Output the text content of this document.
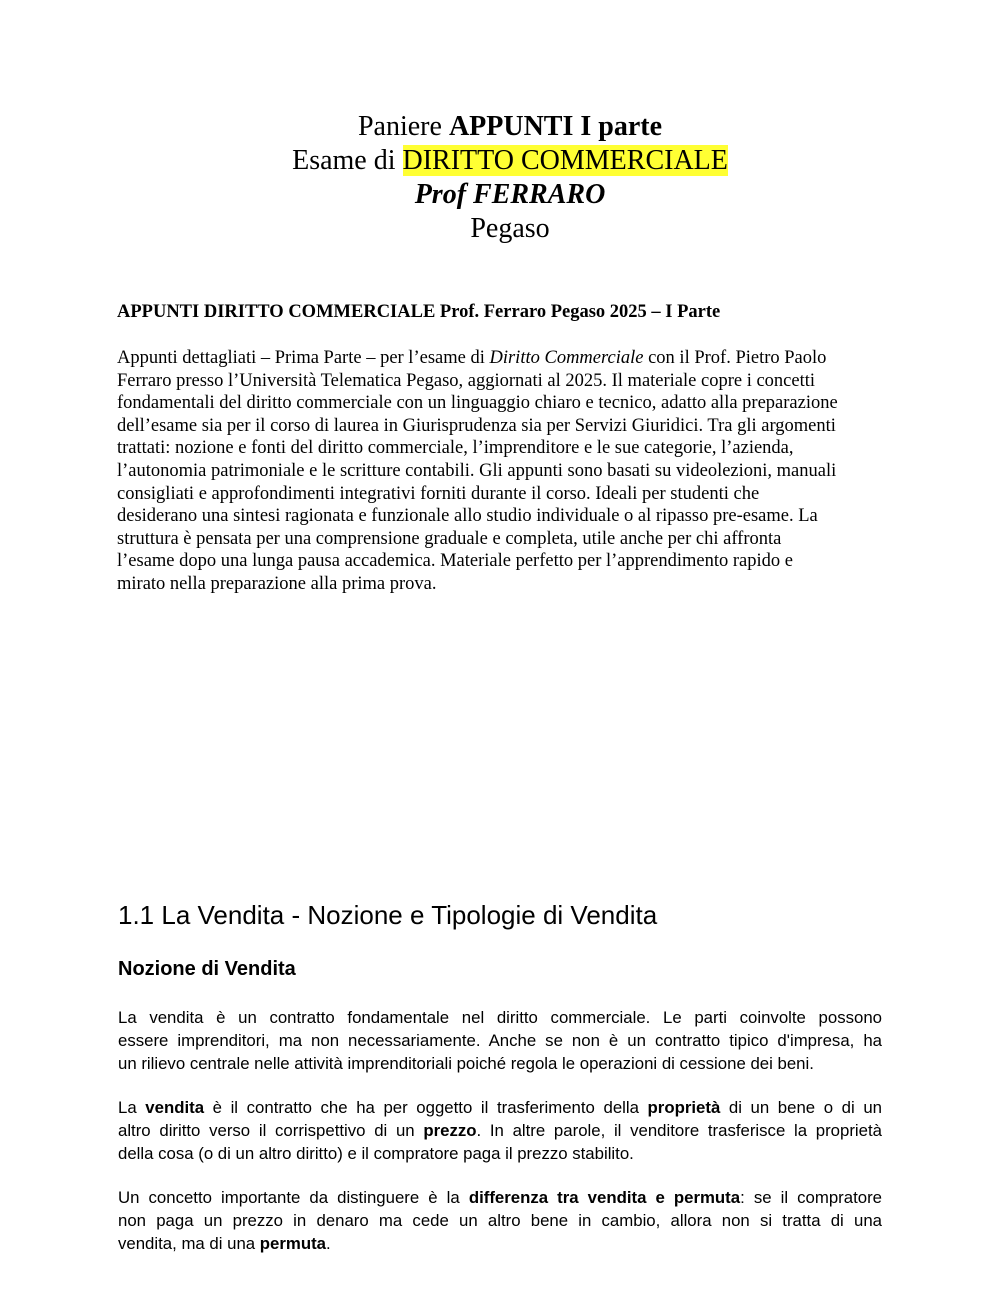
Paniere APPUNTI I parte
Esame di DIRITTO COMMERCIALE
Prof FERRARO
Pegaso
APPUNTI DIRITTO COMMERCIALE Prof. Ferraro Pegaso 2025 – I Parte
Appunti dettagliati – Prima Parte – per l’esame di Diritto Commerciale con il Prof. Pietro Paolo
Ferraro presso l’Università Telematica Pegaso, aggiornati al 2025. Il materiale copre i concetti
fondamentali del diritto commerciale con un linguaggio chiaro e tecnico, adatto alla preparazione
dell’esame sia per il corso di laurea in Giurisprudenza sia per Servizi Giuridici. Tra gli argomenti
trattati: nozione e fonti del diritto commerciale, l’imprenditore e le sue categorie, l’azienda,
l’autonomia patrimoniale e le scritture contabili. Gli appunti sono basati su videolezioni, manuali
consigliati e approfondimenti integrativi forniti durante il corso. Ideali per studenti che
desiderano una sintesi ragionata e funzionale allo studio individuale o al ripasso pre-esame. La
struttura è pensata per una comprensione graduale e completa, utile anche per chi affronta
l’esame dopo una lunga pausa accademica. Materiale perfetto per l’apprendimento rapido e
mirato nella preparazione alla prima prova.
1.1 La Vendita - Nozione e Tipologie di Vendita
Nozione di Vendita
La vendita è un contratto fondamentale nel diritto commerciale. Le parti coinvolte possono
essere imprenditori, ma non necessariamente. Anche se non è un contratto tipico d'impresa, ha
un rilievo centrale nelle attività imprenditoriali poiché regola le operazioni di cessione dei beni.
La vendita è il contratto che ha per oggetto il trasferimento della proprietà di un bene o di un
altro diritto verso il corrispettivo di un prezzo. In altre parole, il venditore trasferisce la proprietà
della cosa (o di un altro diritto) e il compratore paga il prezzo stabilito.
Un concetto importante da distinguere è la differenza tra vendita e permuta: se il compratore
non paga un prezzo in denaro ma cede un altro bene in cambio, allora non si tratta di una
vendita, ma di una permuta.
